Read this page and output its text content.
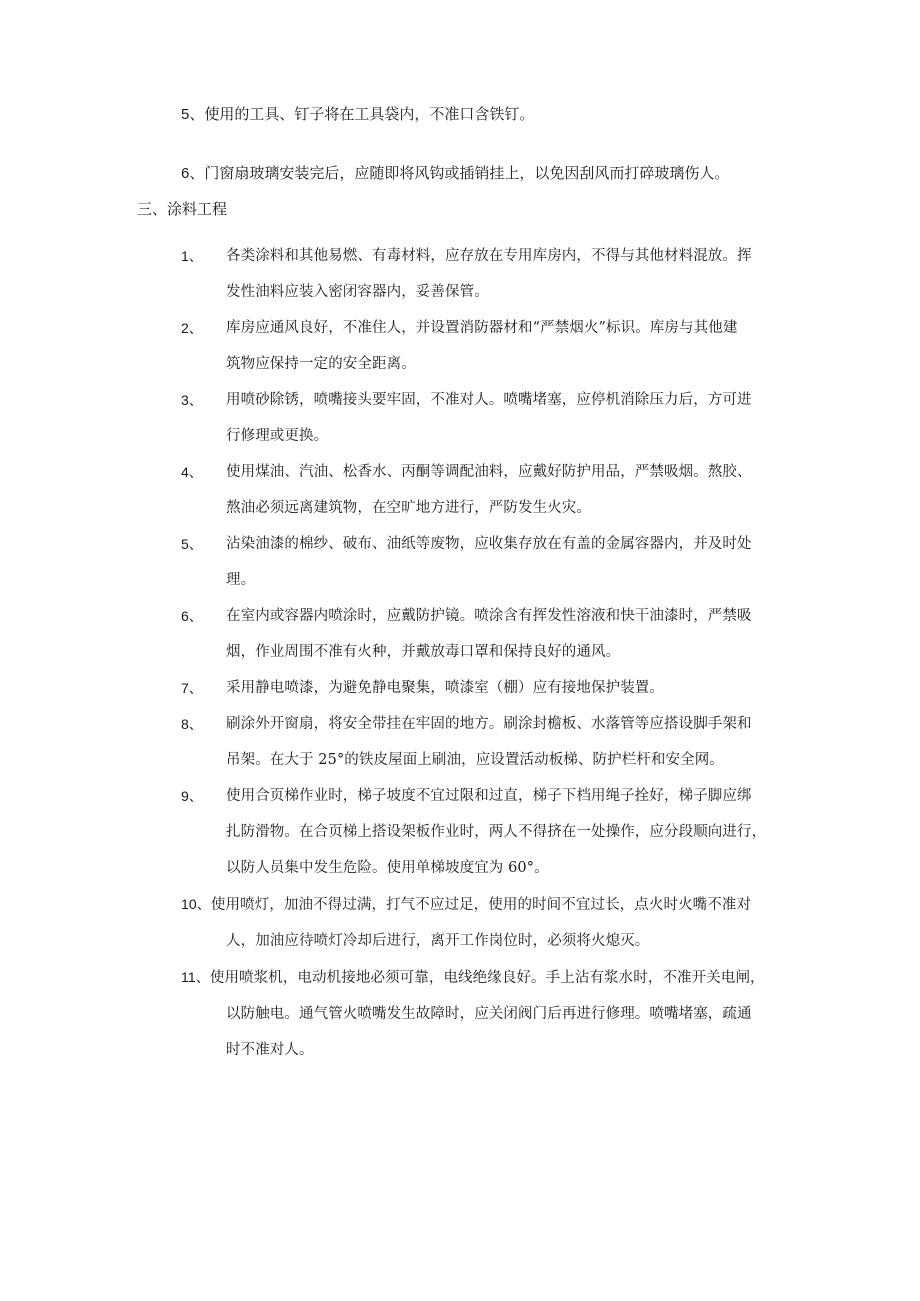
5、使用的工具、钉子将在工具袋内，不准口含铁钉。
6、门窗扇玻璃安装完后，应随即将风钩或插销挂上，以免因刮风而打碎玻璃伤人。
三、涂料工程
1、 各类涂料和其他易燃、有毒材料，应存放在专用库房内，不得与其他材料混放。挥
发性油料应装入密闭容器内，妥善保管。
2、 库房应通风良好，不准住人，并设置消防器材和“严禁烟火”标识。库房与其他建
筑物应保持一定的安全距离。
3、 用喷砂除锈，喷嘴接头要牢固，不准对人。喷嘴堵塞，应停机消除压力后，方可进
行修理或更换。
4、 使用煤油、汽油、松香水、丙酮等调配油料，应戴好防护用品，严禁吸烟。熬胶、
熬油必须远离建筑物，在空旷地方进行，严防发生火灾。
5、 沾染油漆的棉纱、破布、油纸等废物，应收集存放在有盖的金属容器内，并及时处
理。
6、 在室内或容器内喷涂时，应戴防护镜。喷涂含有挥发性溶液和快干油漆时，严禁吸
烟，作业周围不准有火种，并戴放毒口罩和保持良好的通风。
7、 采用静电喷漆，为避免静电聚集，喷漆室（棚）应有接地保护装置。
8、 刷涂外开窗扇，将安全带挂在牢固的地方。刷涂封檐板、水落管等应搭设脚手架和
吊架。在大于 25°的铁皮屋面上刷油，应设置活动板梯、防护栏杆和安全网。
9、 使用合页梯作业时，梯子坡度不宜过限和过直，梯子下档用绳子拴好，梯子脚应绑
扎防滑物。在合页梯上搭设架板作业时，两人不得挤在一处操作，应分段顺向进行，
以防人员集中发生危险。使用单梯坡度宜为 60°。
10、使用喷灯，加油不得过满，打气不应过足，使用的时间不宜过长，点火时火嘴不准对
人，加油应待喷灯冷却后进行，离开工作岗位时，必须将火熄灭。
11、使用喷浆机，电动机接地必须可靠，电线绝缘良好。手上沾有浆水时，不准开关电闸，
以防触电。通气管火喷嘴发生故障时，应关闭阀门后再进行修理。喷嘴堵塞，疏通
时不准对人。
